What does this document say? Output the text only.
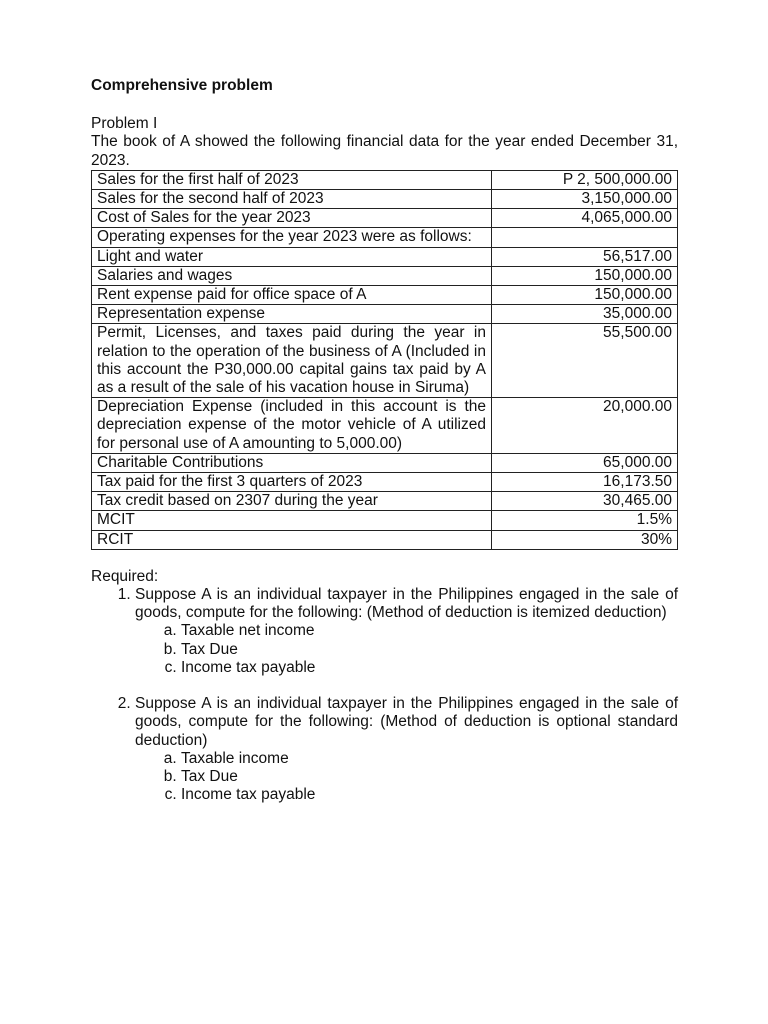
Comprehensive problem

Problem I

The book of A showed the following financial data for the year ended December 31, 2023.

Sales for the first half of 2023	P 2, 500,000.00
Sales for the second half of 2023	3,150,000.00
Cost of Sales for the year 2023	4,065,000.00
Operating expenses for the year 2023 were as follows:	
Light and water	56,517.00
Salaries and wages	150,000.00
Rent expense paid for office space of A	150,000.00
Representation expense	35,000.00
Permit, Licenses, and taxes paid during the year in relation to the operation of the business of A (Included in this account the P30,000.00 capital gains tax paid by A as a result of the sale of his vacation house in Siruma)	55,500.00
Depreciation Expense (included in this account is the depreciation expense of the motor vehicle of A utilized for personal use of A amounting to 5,000.00)	20,000.00
Charitable Contributions	65,000.00
Tax paid for the first 3 quarters of 2023	16,173.50
Tax credit based on 2307 during the year	30,465.00
MCIT	1.5%
RCIT	30%

Required:

1. Suppose A is an individual taxpayer in the Philippines engaged in the sale of goods, compute for the following: (Method of deduction is itemized deduction)
a. Taxable net income
b. Tax Due
c. Income tax payable
2. Suppose A is an individual taxpayer in the Philippines engaged in the sale of goods, compute for the following: (Method of deduction is optional standard deduction)
a. Taxable income
b. Tax Due
c. Income tax payable
